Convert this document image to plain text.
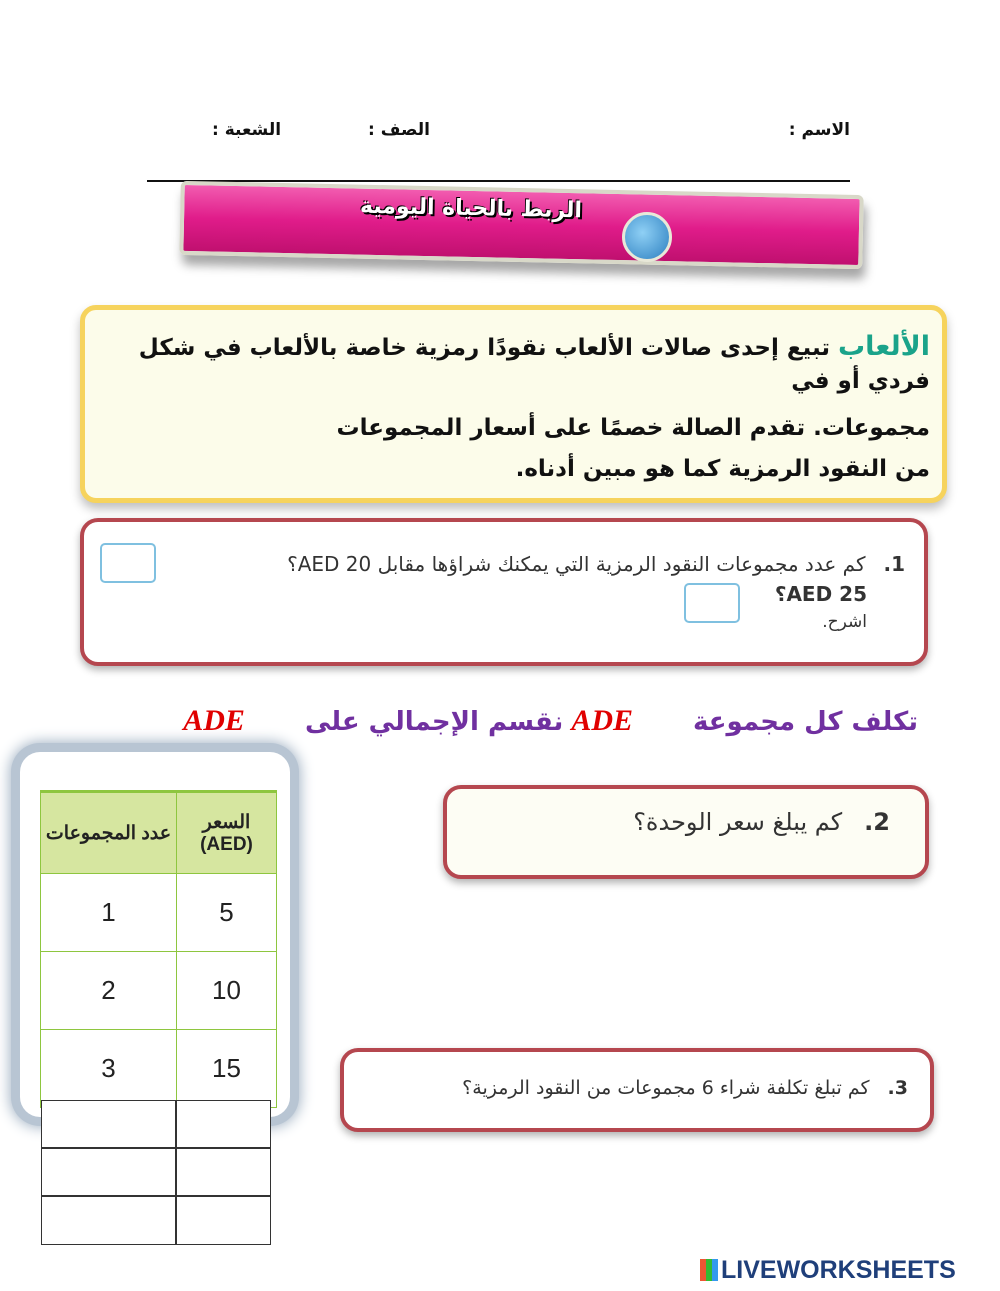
الاسم :
الصف :
الشعبة :
الربط بالحياة اليومية
الألعاب تبيع إحدى صالات الألعاب نقودًا رمزية خاصة بالألعاب في شكل فردي أو في
مجموعات. تقدم الصالة خصمًا على أسعار المجموعات
من النقود الرمزية كما هو مبين أدناه.
1.كم عدد مجموعات النقود الرمزية التي يمكنك شراؤها مقابل AED 20؟
AED 25؟
اشرح.
تكلف كل مجموعة
ADE
نقسم الإجمالي على
ADE
عدد المجموعات	السعر (AED)
1	5
2	10
3	15
2.كم يبلغ سعر الوحدة؟
3.كم تبلغ تكلفة شراء 6 مجموعات من النقود الرمزية؟
LIVEWORKSHEETS
